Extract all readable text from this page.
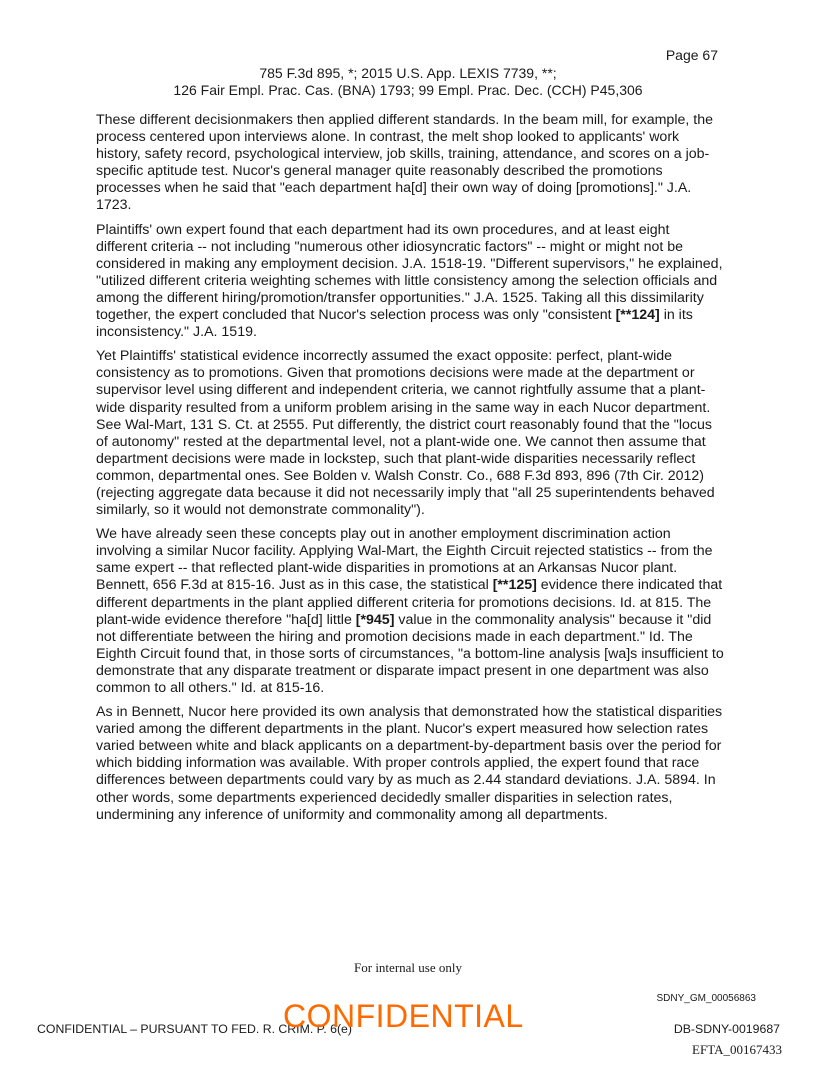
Page 67
785 F.3d 895, *; 2015 U.S. App. LEXIS 7739, **;
126 Fair Empl. Prac. Cas. (BNA) 1793; 99 Empl. Prac. Dec. (CCH) P45,306

These different decisionmakers then applied different standards. In the beam mill, for example, the process centered upon interviews alone. In contrast, the melt shop looked to applicants' work history, safety record, psychological interview, job skills, training, attendance, and scores on a job-specific aptitude test. Nucor's general manager quite reasonably described the promotions processes when he said that "each department ha[d] their own way of doing [promotions]." J.A. 1723.

Plaintiffs' own expert found that each department had its own procedures, and at least eight different criteria -- not including "numerous other idiosyncratic factors" -- might or might not be considered in making any employment decision. J.A. 1518-19. "Different supervisors," he explained, "utilized different criteria weighting schemes with little consistency among the selection officials and among the different hiring/promotion/transfer opportunities." J.A. 1525. Taking all this dissimilarity together, the expert concluded that Nucor's selection process was only "consistent [**124] in its inconsistency." J.A. 1519.

Yet Plaintiffs' statistical evidence incorrectly assumed the exact opposite: perfect, plant-wide consistency as to promotions. Given that promotions decisions were made at the department or supervisor level using different and independent criteria, we cannot rightfully assume that a plant-wide disparity resulted from a uniform problem arising in the same way in each Nucor department. See Wal-Mart, 131 S. Ct. at 2555. Put differently, the district court reasonably found that the "locus of autonomy" rested at the departmental level, not a plant-wide one. We cannot then assume that department decisions were made in lockstep, such that plant-wide disparities necessarily reflect common, departmental ones. See Bolden v. Walsh Constr. Co., 688 F.3d 893, 896 (7th Cir. 2012) (rejecting aggregate data because it did not necessarily imply that "all 25 superintendents behaved similarly, so it would not demonstrate commonality").

We have already seen these concepts play out in another employment discrimination action involving a similar Nucor facility. Applying Wal-Mart, the Eighth Circuit rejected statistics -- from the same expert -- that reflected plant-wide disparities in promotions at an Arkansas Nucor plant. Bennett, 656 F.3d at 815-16. Just as in this case, the statistical [**125] evidence there indicated that different departments in the plant applied different criteria for promotions decisions. Id. at 815. The plant-wide evidence therefore "ha[d] little [*945] value in the commonality analysis" because it "did not differentiate between the hiring and promotion decisions made in each department." Id. The Eighth Circuit found that, in those sorts of circumstances, "a bottom-line analysis [wa]s insufficient to demonstrate that any disparate treatment or disparate impact present in one department was also common to all others." Id. at 815-16.

As in Bennett, Nucor here provided its own analysis that demonstrated how the statistical disparities varied among the different departments in the plant. Nucor's expert measured how selection rates varied between white and black applicants on a department-by-department basis over the period for which bidding information was available. With proper controls applied, the expert found that race differences between departments could vary by as much as 2.44 standard deviations. J.A. 5894. In other words, some departments experienced decidedly smaller disparities in selection rates, undermining any inference of uniformity and commonality among all departments.

For internal use only
SDNY_GM_00056863
CONFIDENTIAL – PURSUANT TO FED. R. CRIM. P. 6(e)
CONFIDENTIAL	DB-SDNY-0019687
EFTA_00167433
